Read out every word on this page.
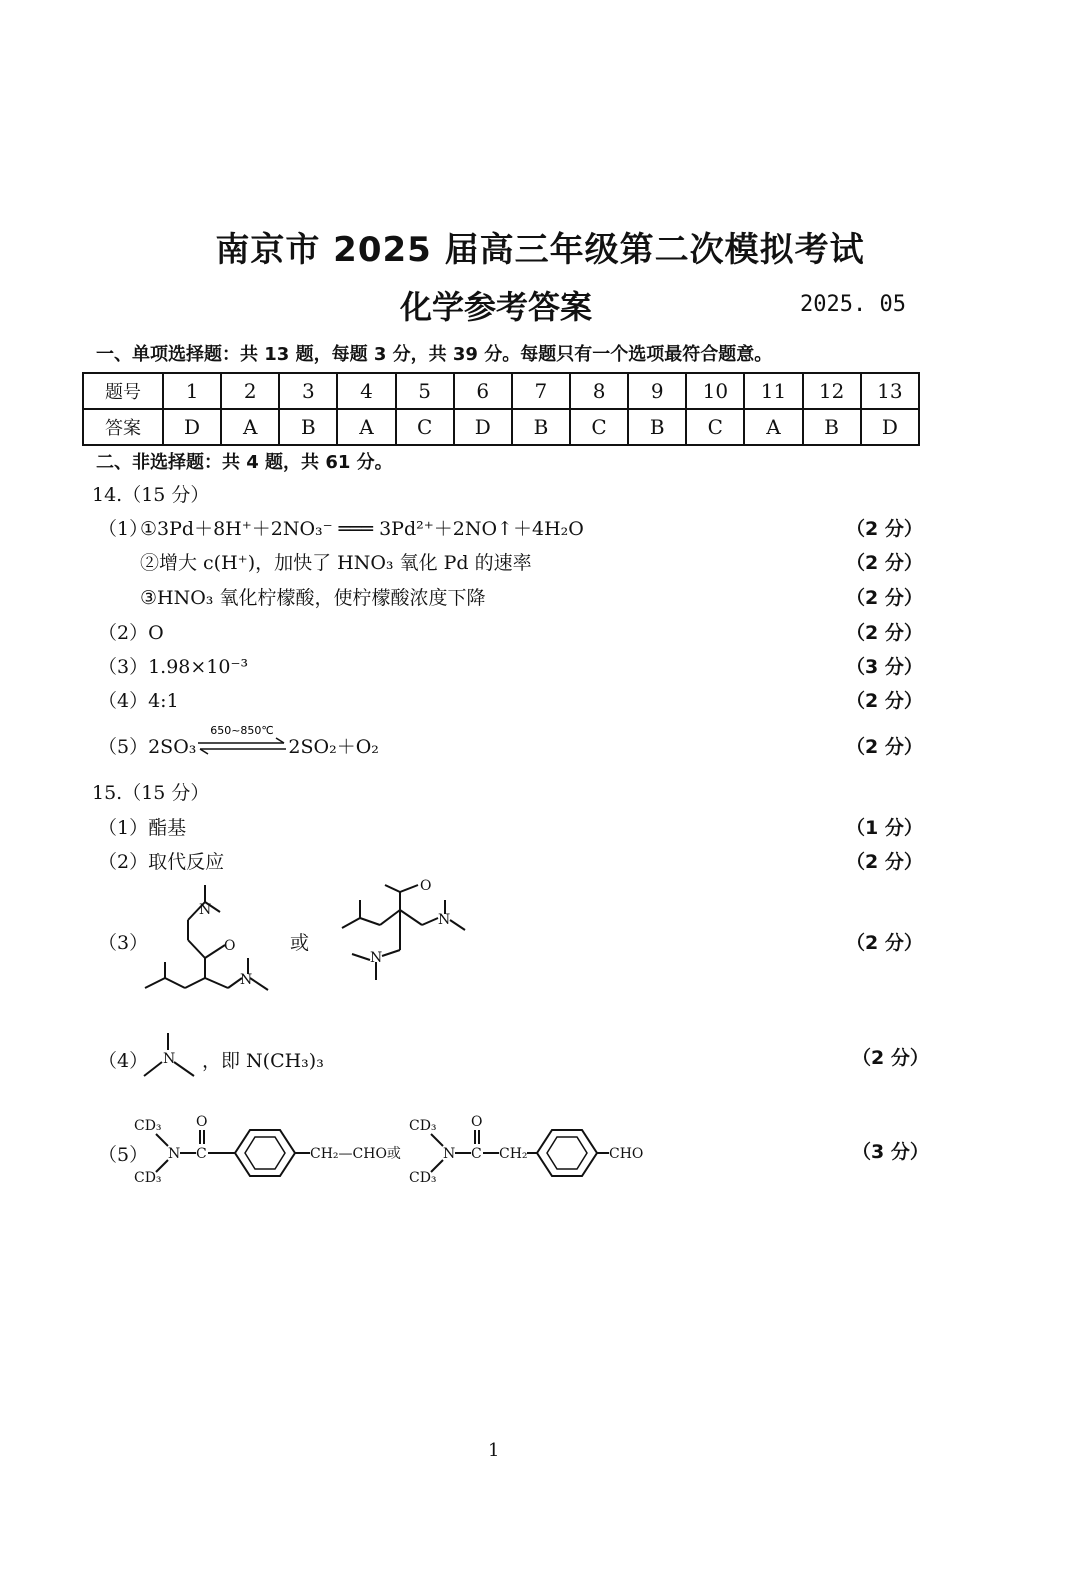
南京市 2025 届高三年级第二次模拟考试
化学参考答案	2025. 05
一、单项选择题：共 13 题，每题 3 分，共 39 分。每题只有一个选项最符合题意。
题号	1	2	3	4	5	6	7	8	9	10	11	12	13
答案	D	A	B	A	C	D	B	C	B	C	A	B	D
二、非选择题：共 4 题，共 61 分。
14.（15 分）
（1）
①3Pd＋8H⁺＋2NO₃⁻ ═══ 3Pd²⁺＋2NO↑＋4H₂O	（2 分）
②增大 c(H⁺)，加快了 HNO₃ 氧化 Pd 的速率	（2 分）
③HNO₃ 氧化柠檬酸，使柠檬酸浓度下降	（2 分）
（2）O	（2 分）
（3）1.98×10⁻³	（3 分）
（4）4:1	（2 分）
（5）2SO₃
650~850℃
2SO₂＋O₂	（2 分）
15.（15 分）
（1）酯基	（1 分）
（2）取代反应	（2 分）
（3）	或	（2 分）
N
O
N
O
N
N
（4） N ，即 N(CH₃)₃	（2 分）
（5）
CD₃
CD₃
N C
O
CH₂—CHO或
CD₃
CD₃
N C
O
CH₂	CHO	（3 分）
1
